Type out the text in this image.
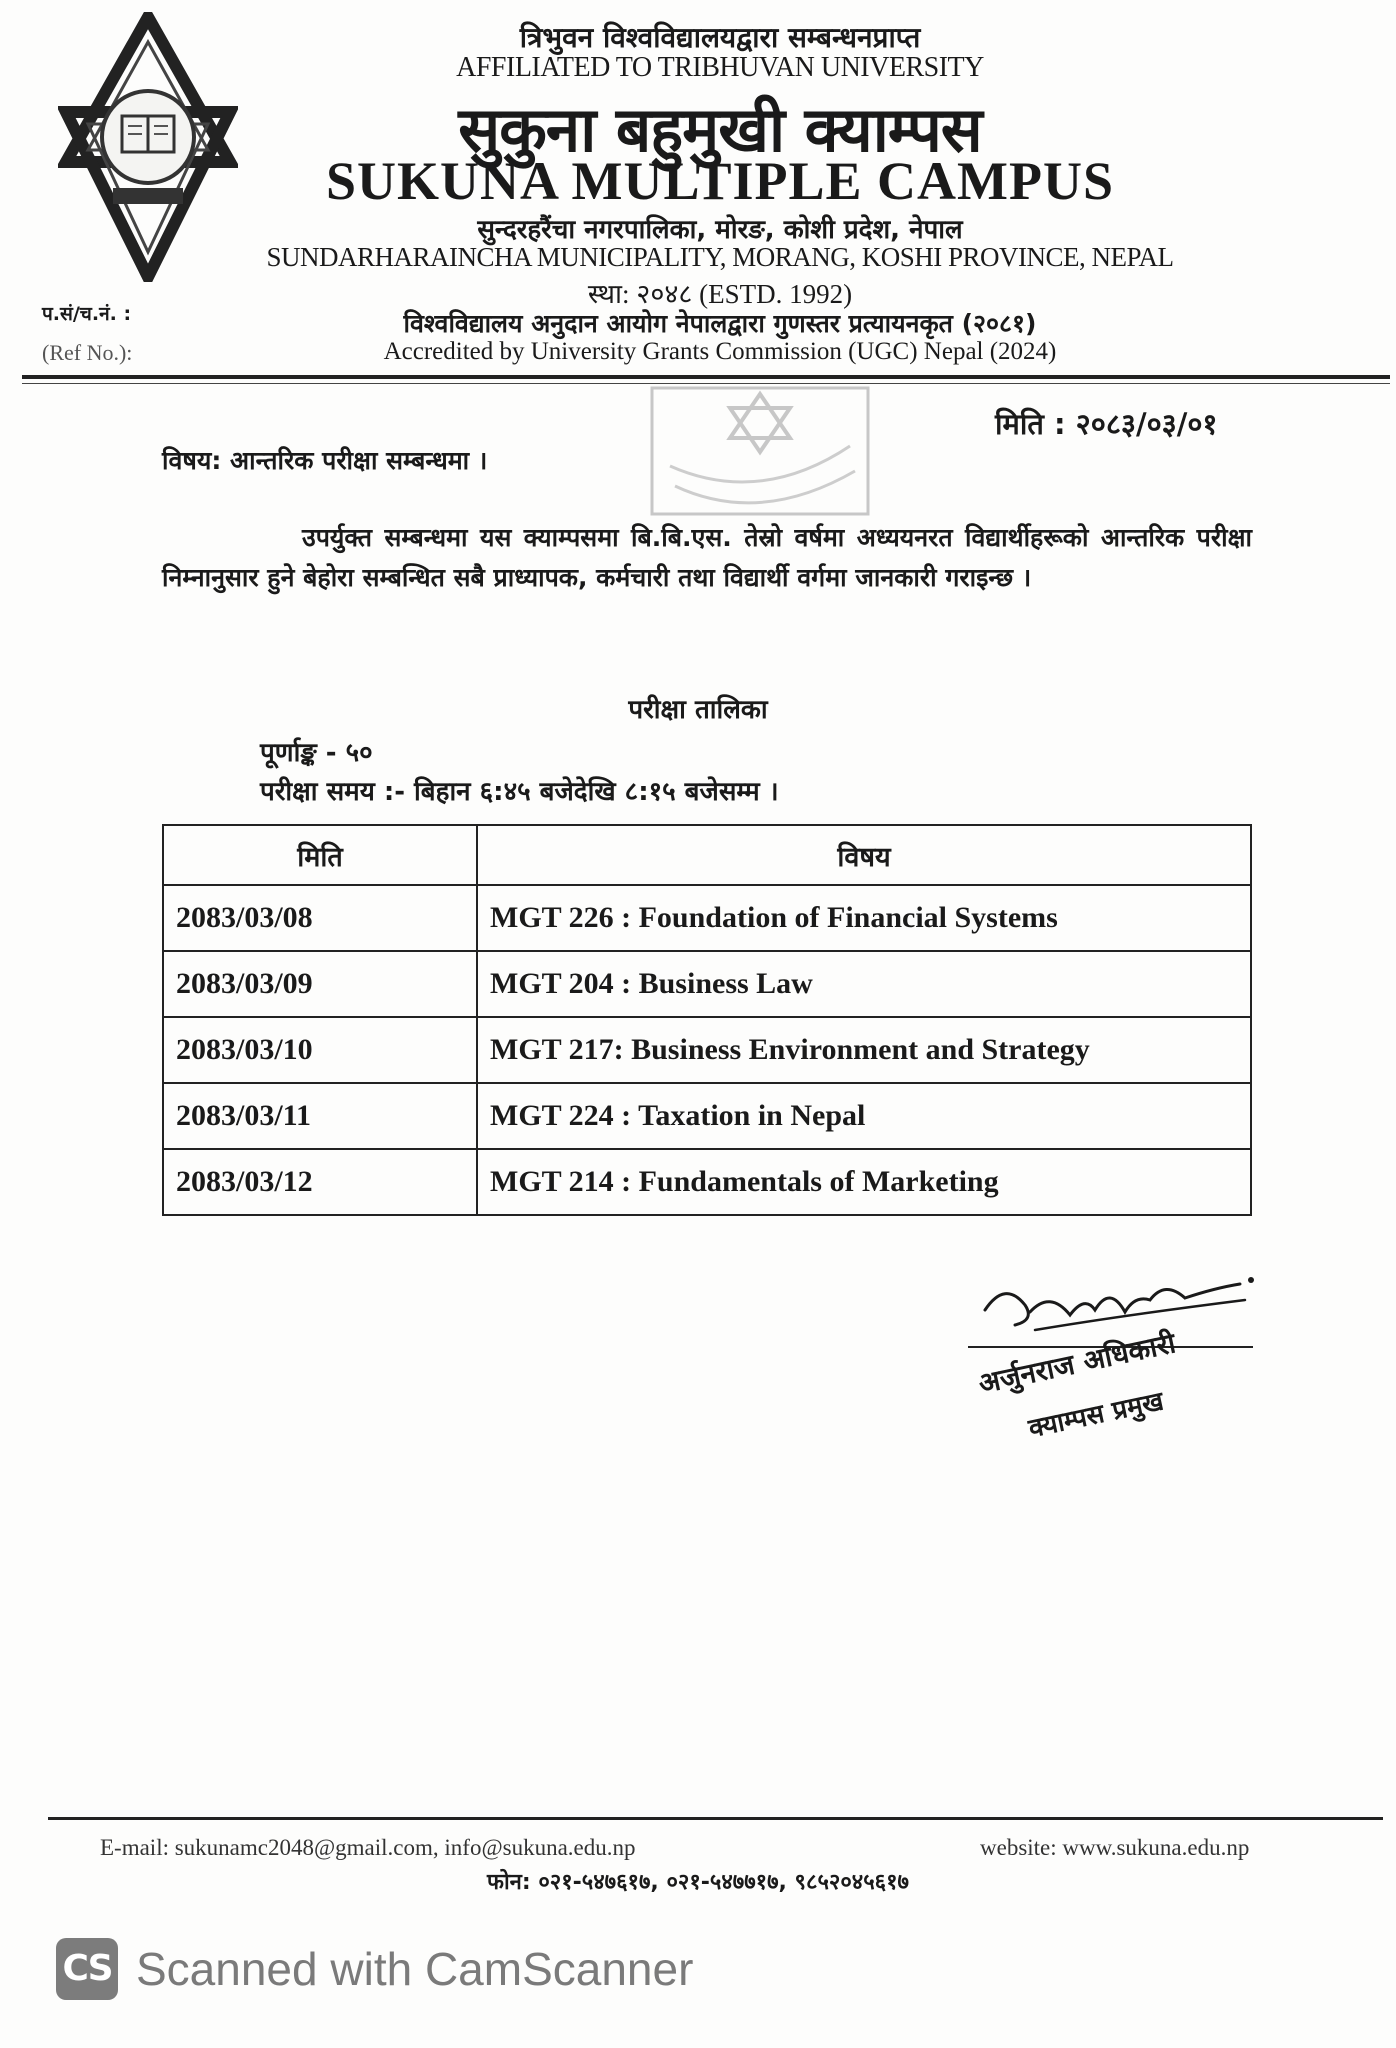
त्रिभुवन विश्वविद्यालयद्वारा सम्बन्धनप्राप्त
AFFILIATED TO TRIBHUVAN UNIVERSITY
सुकुना बहुमुखी क्याम्पस
SUKUNA MULTIPLE CAMPUS
सुन्दरहरैंचा नगरपालिका, मोरङ, कोशी प्रदेश, नेपाल
SUNDARHARAINCHA MUNICIPALITY, MORANG, KOSHI PROVINCE, NEPAL
स्था: २०४८ (ESTD. 1992)
विश्वविद्यालय अनुदान आयोग नेपालद्वारा गुणस्तर प्रत्यायनकृत (२०८१)
Accredited by University Grants Commission (UGC) Nepal (2024)
प.सं/च.नं. :
(Ref No.):
मिति : २०८३/०३/०१
विषय: आन्तरिक परीक्षा सम्बन्धमा ।
उपर्युक्त सम्बन्धमा यस क्याम्पसमा बि.बि.एस. तेस्रो वर्षमा अध्ययनरत विद्यार्थीहरूको आन्तरिक परीक्षा निम्नानुसार हुने बेहोरा सम्बन्धित सबै प्राध्यापक, कर्मचारी तथा विद्यार्थी वर्गमा जानकारी गराइन्छ ।
परीक्षा तालिका
पूर्णाङ्क - ५०
परीक्षा समय :- बिहान ६:४५ बजेदेखि ८:१५ बजेसम्म ।
मिति	विषय
2083/03/08	MGT 226 : Foundation of Financial Systems
2083/03/09	MGT 204 : Business Law
2083/03/10	MGT 217: Business Environment and Strategy
2083/03/11	MGT 224 : Taxation in Nepal
2083/03/12	MGT 214 : Fundamentals of Marketing
अर्जुनराज अधिकारी
क्याम्पस प्रमुख
E-mail: sukunamc2048@gmail.com, info@sukuna.edu.np	website: www.sukuna.edu.np
फोन: ०२१-५४७६१७, ०२१-५४७७१७, ९८५२०४५६१७
CS Scanned with CamScanner
